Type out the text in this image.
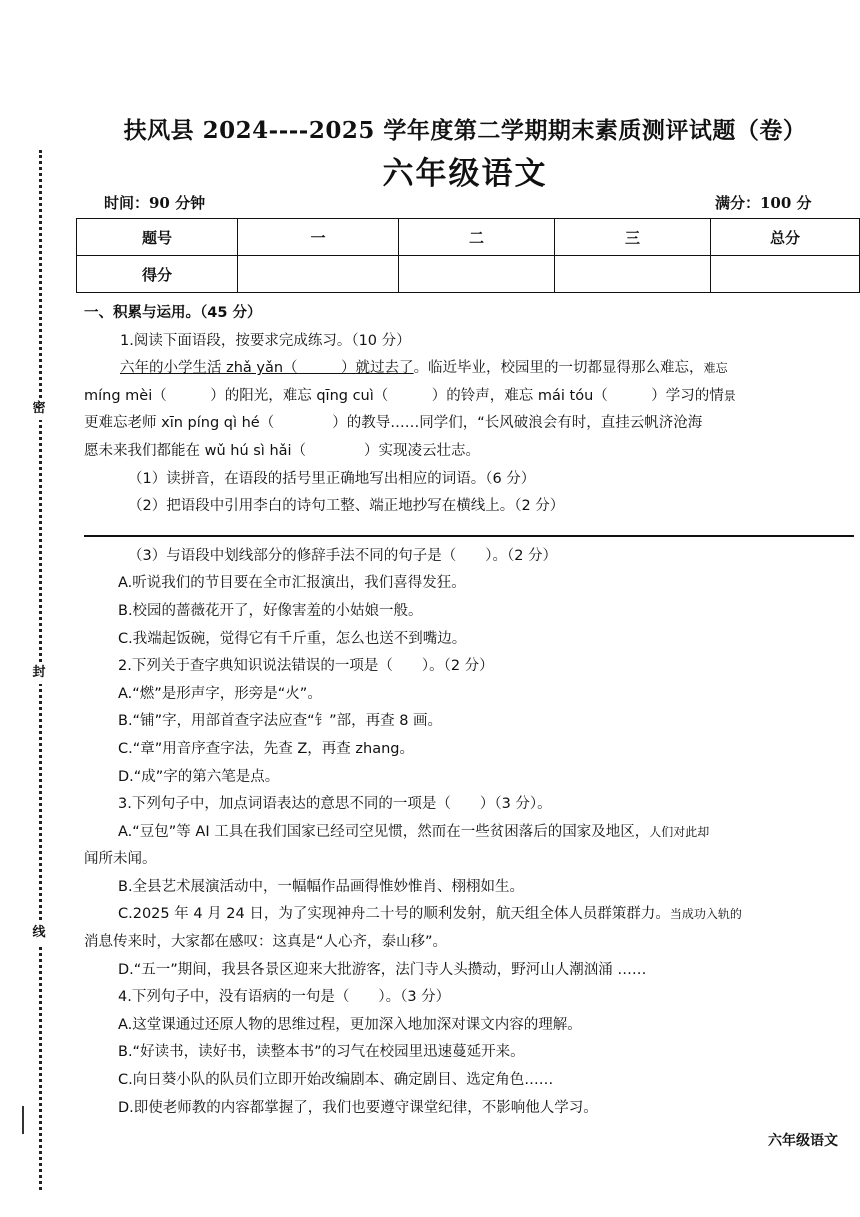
密
封
线
扶风县 2024----2025 学年度第二学期期末素质测评试题（卷）
六年级语文
时间：90 分钟	满分：100 分
题号	一	二	三	总分
得分				
一、积累与运用。（45 分）
1.阅读下面语段，按要求完成练习。（10 分）
六年的小学生活 zhǎ yǎn（　　　）就过去了。临近毕业，校园里的一切都显得那么难忘，难忘
míng mèi（　　　）的阳光，难忘 qīng cuì（　　　）的铃声，难忘 mái tóu（　　　）学习的情景
更难忘老师 xīn píng qì hé（　　　　）的教导……同学们，“长风破浪会有时，直挂云帆济沧海
愿未来我们都能在 wǔ hú sì hǎi（　　　　）实现凌云壮志。
（1）读拼音，在语段的括号里正确地写出相应的词语。（6 分）
（2）把语段中引用李白的诗句工整、端正地抄写在横线上。（2 分）
（3）与语段中划线部分的修辞手法不同的句子是（　　）。（2 分）
A.听说我们的节目要在全市汇报演出，我们喜得发狂。
B.校园的蔷薇花开了，好像害羞的小姑娘一般。
C.我端起饭碗，觉得它有千斤重，怎么也送不到嘴边。
2.下列关于查字典知识说法错误的一项是（　　）。（2 分）
A.“燃”是形声字，形旁是“火”。
B.“铺”字，用部首查字法应查“钅”部，再查 8 画。
C.“章”用音序查字法，先查 Z，再查 zhang。
D.“成”字的第六笔是点。
3.下列句子中，加点词语表达的意思不同的一项是（　　）（3 分）。
A.“豆包”等 AI 工具在我们国家已经司空见惯，然而在一些贫困落后的国家及地区，人们对此却
闻所未闻。
B.全县艺术展演活动中，一幅幅作品画得惟妙惟肖、栩栩如生。
C.2025 年 4 月 24 日，为了实现神舟二十号的顺利发射，航天组全体人员群策群力。当成功入轨的
消息传来时，大家都在感叹：这真是“人心齐，泰山移”。
D.“五一”期间，我县各景区迎来大批游客，法门寺人头攒动，野河山人潮汹涌 ……
4.下列句子中，没有语病的一句是（　　）。（3 分）
A.这堂课通过还原人物的思维过程，更加深入地加深对课文内容的理解。
B.“好读书，读好书，读整本书”的习气在校园里迅速蔓延开来。
C.向日葵小队的队员们立即开始改编剧本、确定剧目、选定角色……
D.即使老师教的内容都掌握了，我们也要遵守课堂纪律，不影响他人学习。
六年级语文
